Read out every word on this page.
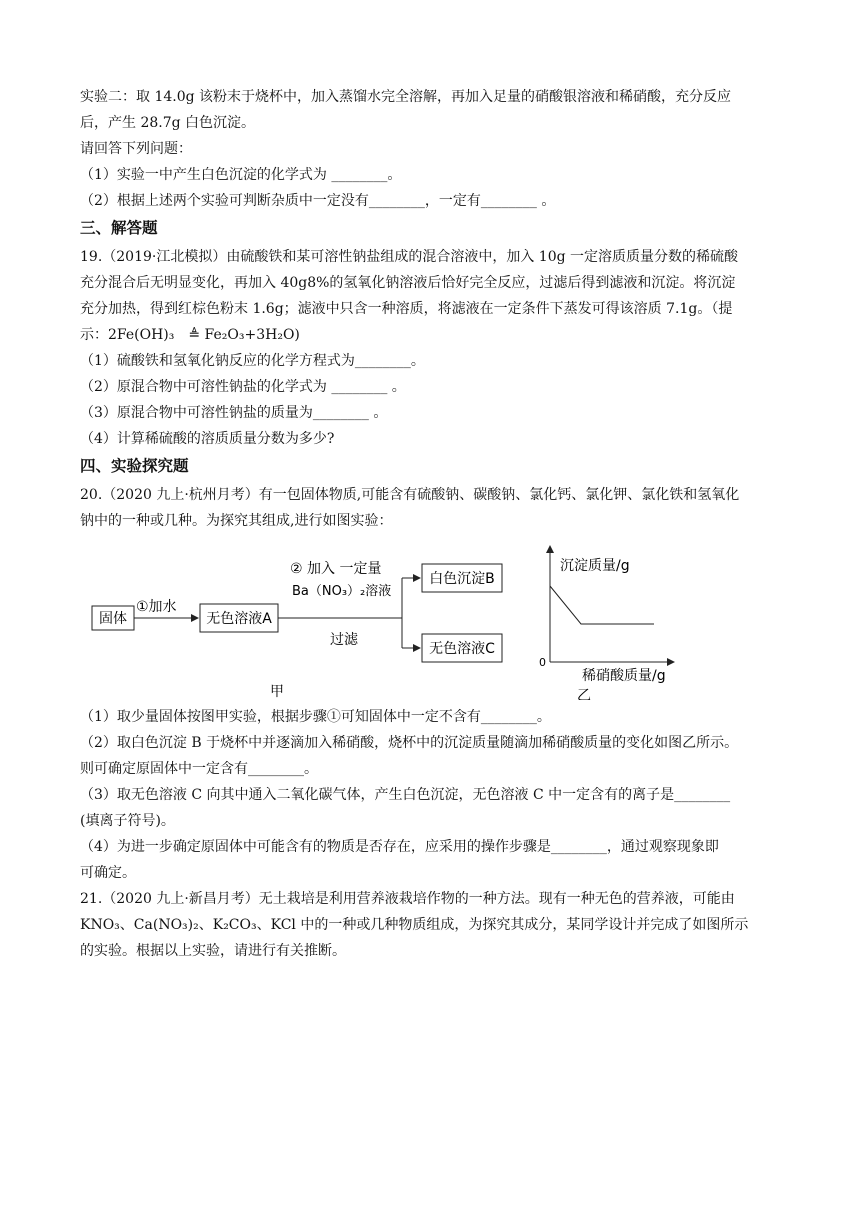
实验二：取 14.0g 该粉末于烧杯中，加入蒸馏水完全溶解，再加入足量的硝酸银溶液和稀硝酸，充分反应

后，产生 28.7g 白色沉淀。

请回答下列问题：

（1）实验一中产生白色沉淀的化学式为 ________。

（2）根据上述两个实验可判断杂质中一定没有________，一定有________ 。

三、解答题

19.（2019·江北模拟）由硫酸铁和某可溶性钠盐组成的混合溶液中，加入 10g 一定溶质质量分数的稀硫酸

充分混合后无明显变化，再加入 40g8%的氢氧化钠溶液后恰好完全反应，过滤后得到滤液和沉淀。将沉淀

充分加热，得到红棕色粉末 1.6g；滤液中只含一种溶质，将滤液在一定条件下蒸发可得该溶质 7.1g。（提

示：2Fe(OH)₃　≜ Fe₂O₃+3H₂O)

（1）硫酸铁和氢氧化钠反应的化学方程式为________。

（2）原混合物中可溶性钠盐的化学式为 ________ 。

（3）原混合物中可溶性钠盐的质量为________ 。

（4）计算稀硫酸的溶质质量分数为多少?

四、实验探究题

20.（2020 九上·杭州月考）有一包固体物质,可能含有硫酸钠、碳酸钠、氯化钙、氯化钾、氯化铁和氢氧化

钠中的一种或几种。为探究其组成,进行如图实验：

固体
①加水
无色溶液A
② 加入 一定量
Ba（NO₃）₂溶液
过滤
白色沉淀B
无色溶液C
甲
沉淀质量/g
0
稀硝酸质量/g
乙

（1）取少量固体按图甲实验，根据步骤①可知固体中一定不含有________。

（2）取白色沉淀 B 于烧杯中并逐滴加入稀硝酸，烧杯中的沉淀质量随滴加稀硝酸质量的变化如图乙所示。

则可确定原固体中一定含有________。

（3）取无色溶液 C 向其中通入二氧化碳气体，产生白色沉淀，无色溶液 C 中一定含有的离子是________

(填离子符号)。

（4）为进一步确定原固体中可能含有的物质是否存在，应采用的操作步骤是________，通过观察现象即

可确定。

21.（2020 九上·新昌月考）无土栽培是利用营养液栽培作物的一种方法。现有一种无色的营养液，可能由

KNO₃、Ca(NO₃)₂、K₂CO₃、KCl 中的一种或几种物质组成，为探究其成分，某同学设计并完成了如图所示

的实验。根据以上实验，请进行有关推断。
